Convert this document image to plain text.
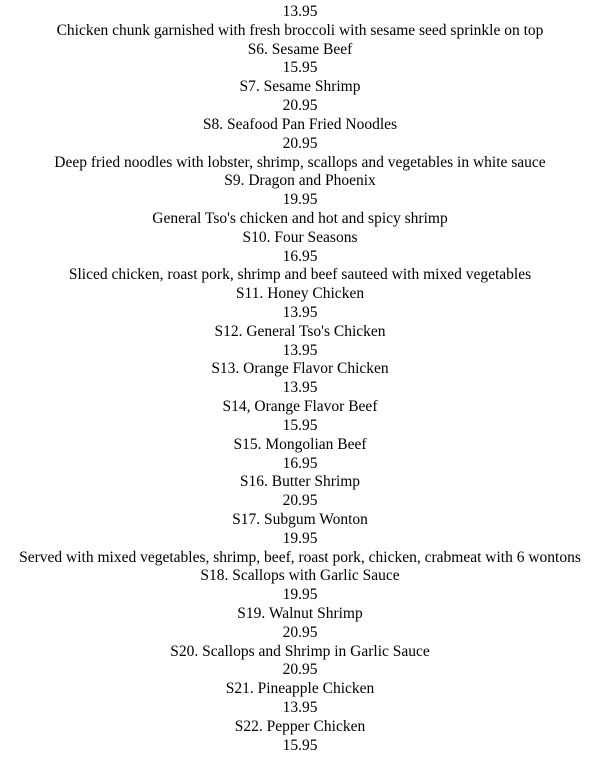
13.95
Chicken chunk garnished with fresh broccoli with sesame seed sprinkle on top
S6. Sesame Beef
15.95
S7. Sesame Shrimp
20.95
S8. Seafood Pan Fried Noodles
20.95
Deep fried noodles with lobster, shrimp, scallops and vegetables in white sauce
S9. Dragon and Phoenix
19.95
General Tso's chicken and hot and spicy shrimp
S10. Four Seasons
16.95
Sliced chicken, roast pork, shrimp and beef sauteed with mixed vegetables
S11. Honey Chicken
13.95
S12. General Tso's Chicken
13.95
S13. Orange Flavor Chicken
13.95
S14, Orange Flavor Beef
15.95
S15. Mongolian Beef
16.95
S16. Butter Shrimp
20.95
S17. Subgum Wonton
19.95
Served with mixed vegetables, shrimp, beef, roast pork, chicken, crabmeat with 6 wontons
S18. Scallops with Garlic Sauce
19.95
S19. Walnut Shrimp
20.95
S20. Scallops and Shrimp in Garlic Sauce
20.95
S21. Pineapple Chicken
13.95
S22. Pepper Chicken
15.95
